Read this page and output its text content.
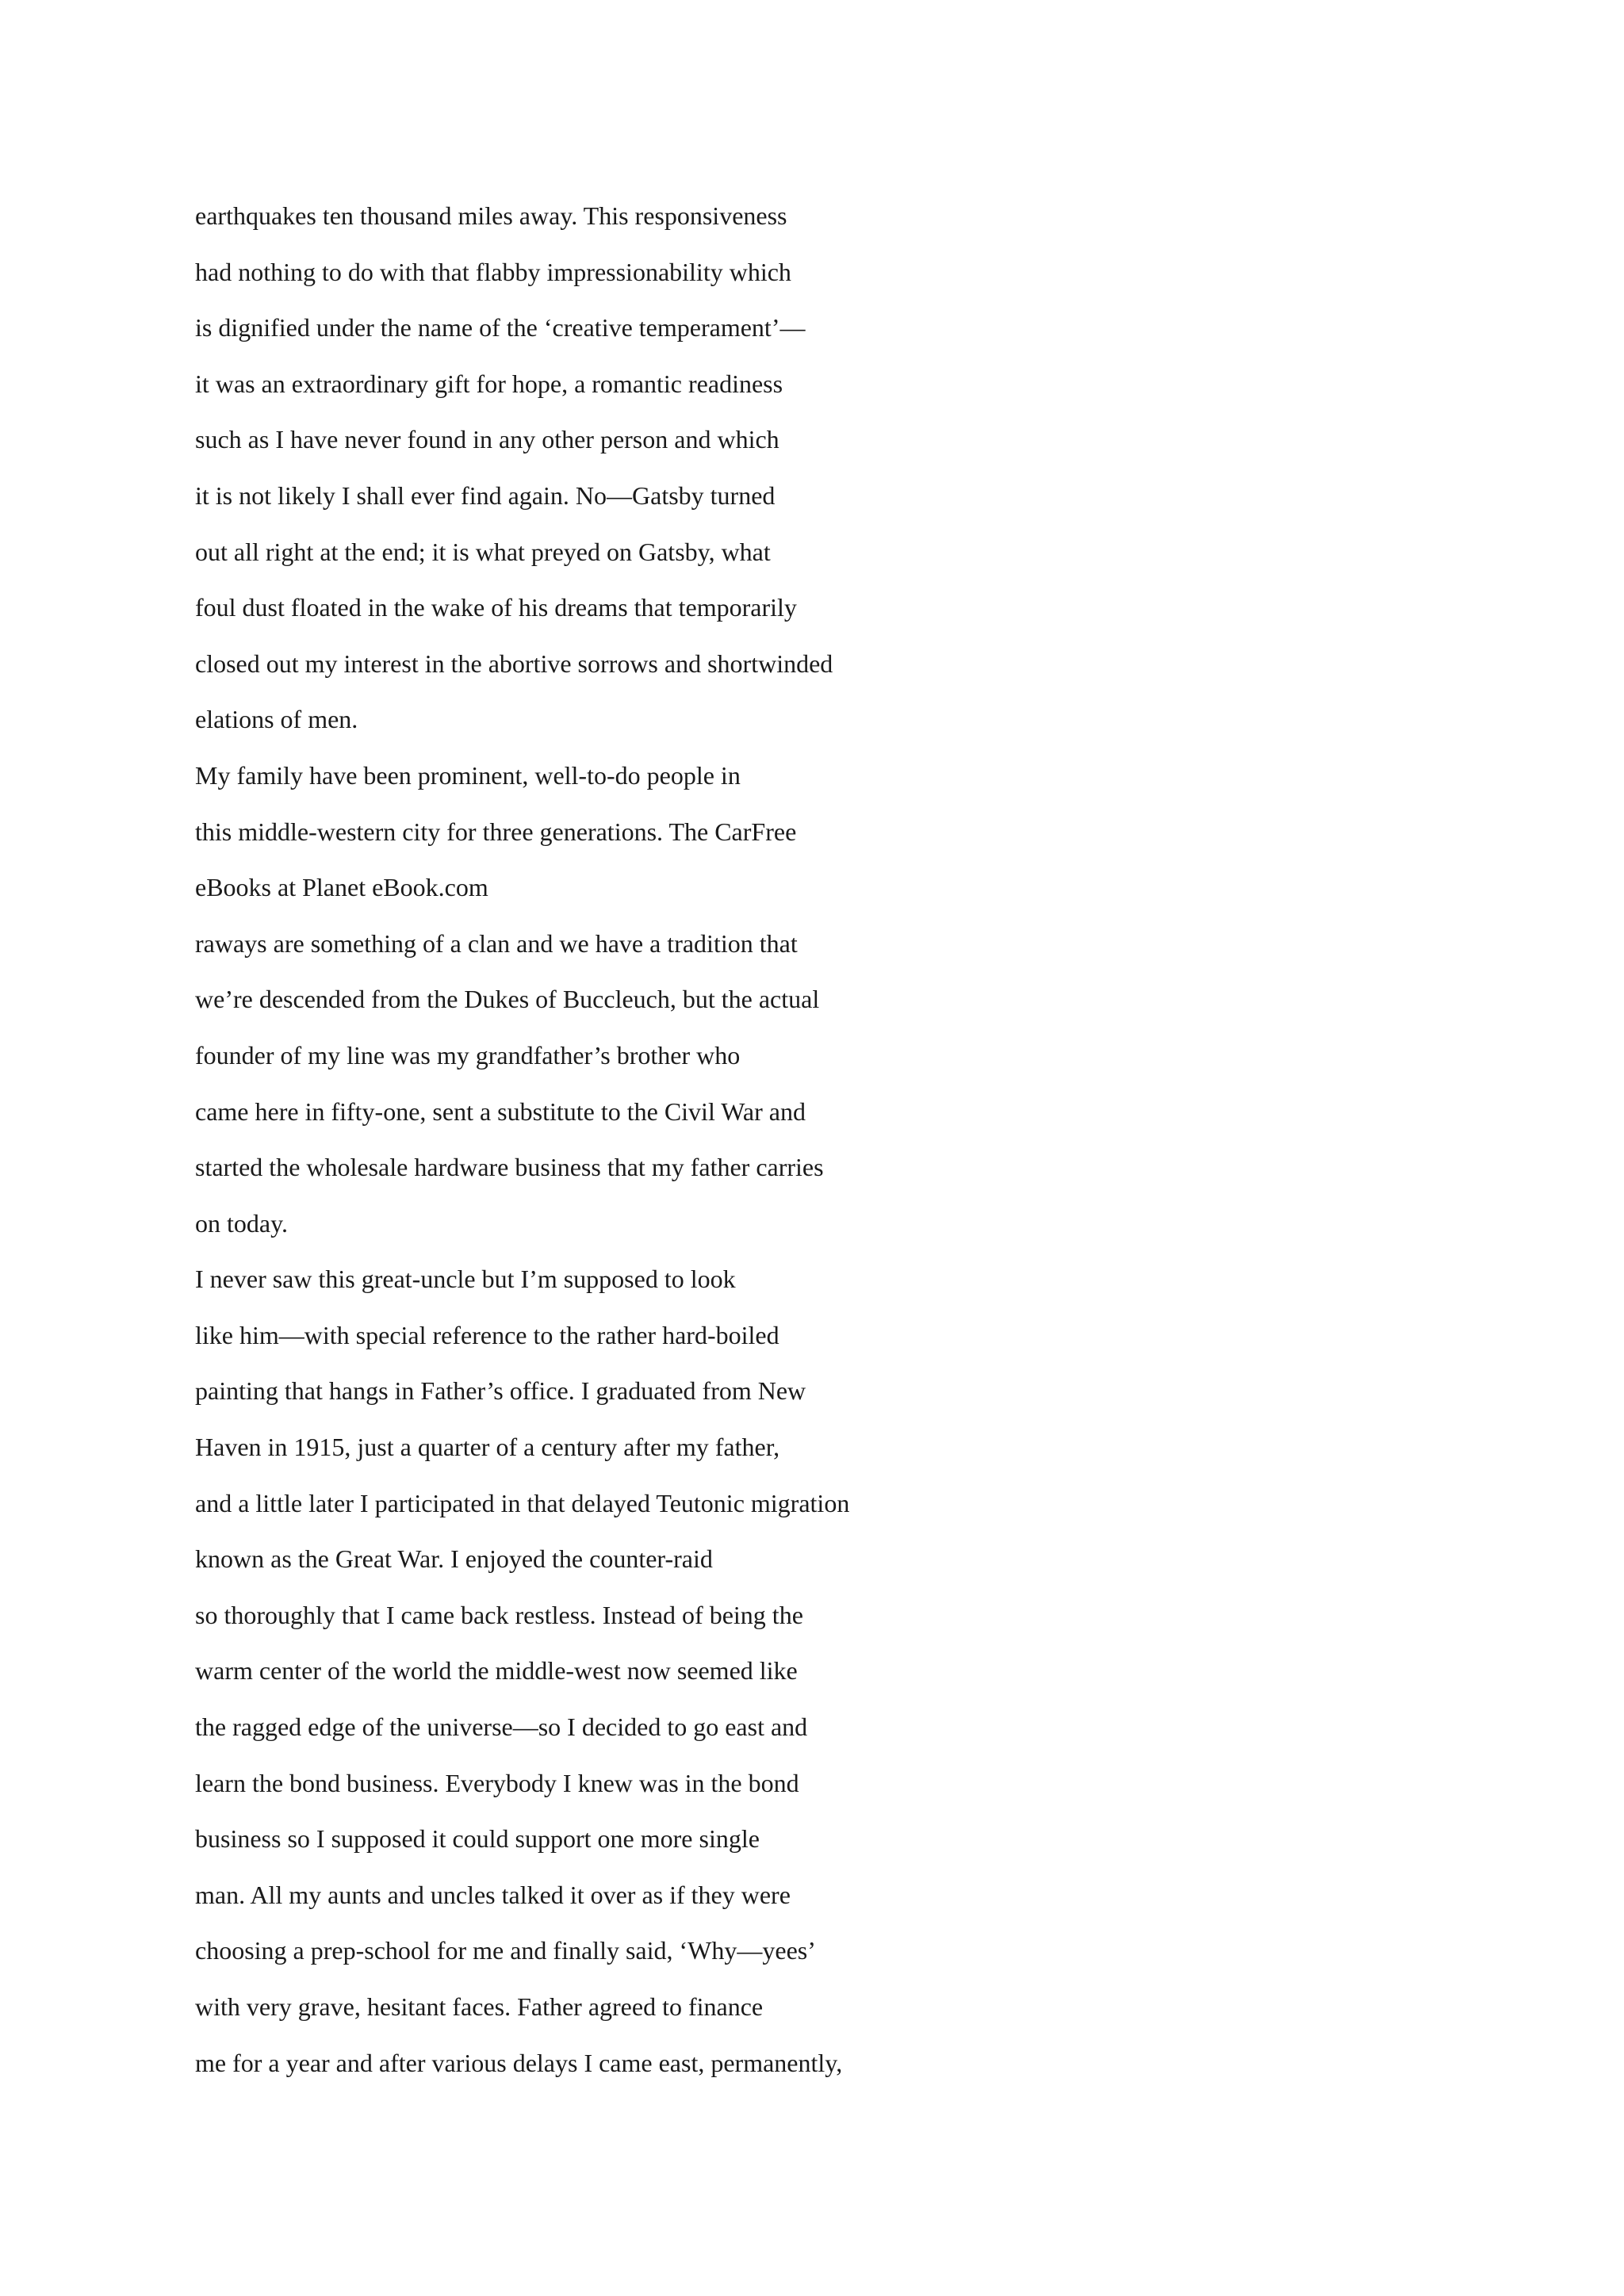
earthquakes ten thousand miles away. This responsiveness

had nothing to do with that flabby impressionability which

is dignified under the name of the ‘creative temperament’—

it was an extraordinary gift for hope, a romantic readiness

such as I have never found in any other person and which

it is not likely I shall ever find again. No—Gatsby turned

out all right at the end; it is what preyed on Gatsby, what

foul dust floated in the wake of his dreams that temporarily

closed out my interest in the abortive sorrows and shortwinded

elations of men.

My family have been prominent, well-to-do people in

this middle-western city for three generations. The CarFree

eBooks at Planet eBook.com

raways are something of a clan and we have a tradition that

we’re descended from the Dukes of Buccleuch, but the actual

founder of my line was my grandfather’s brother who

came here in fifty-one, sent a substitute to the Civil War and

started the wholesale hardware business that my father carries

on today.

I never saw this great-uncle but I’m supposed to look

like him—with special reference to the rather hard-boiled

painting that hangs in Father’s office. I graduated from New

Haven in 1915, just a quarter of a century after my father,

and a little later I participated in that delayed Teutonic migration

known as the Great War. I enjoyed the counter-raid

so thoroughly that I came back restless. Instead of being the

warm center of the world the middle-west now seemed like

the ragged edge of the universe—so I decided to go east and

learn the bond business. Everybody I knew was in the bond

business so I supposed it could support one more single

man. All my aunts and uncles talked it over as if they were

choosing a prep-school for me and finally said, ‘Why—yees’

with very grave, hesitant faces. Father agreed to finance

me for a year and after various delays I came east, permanently,
